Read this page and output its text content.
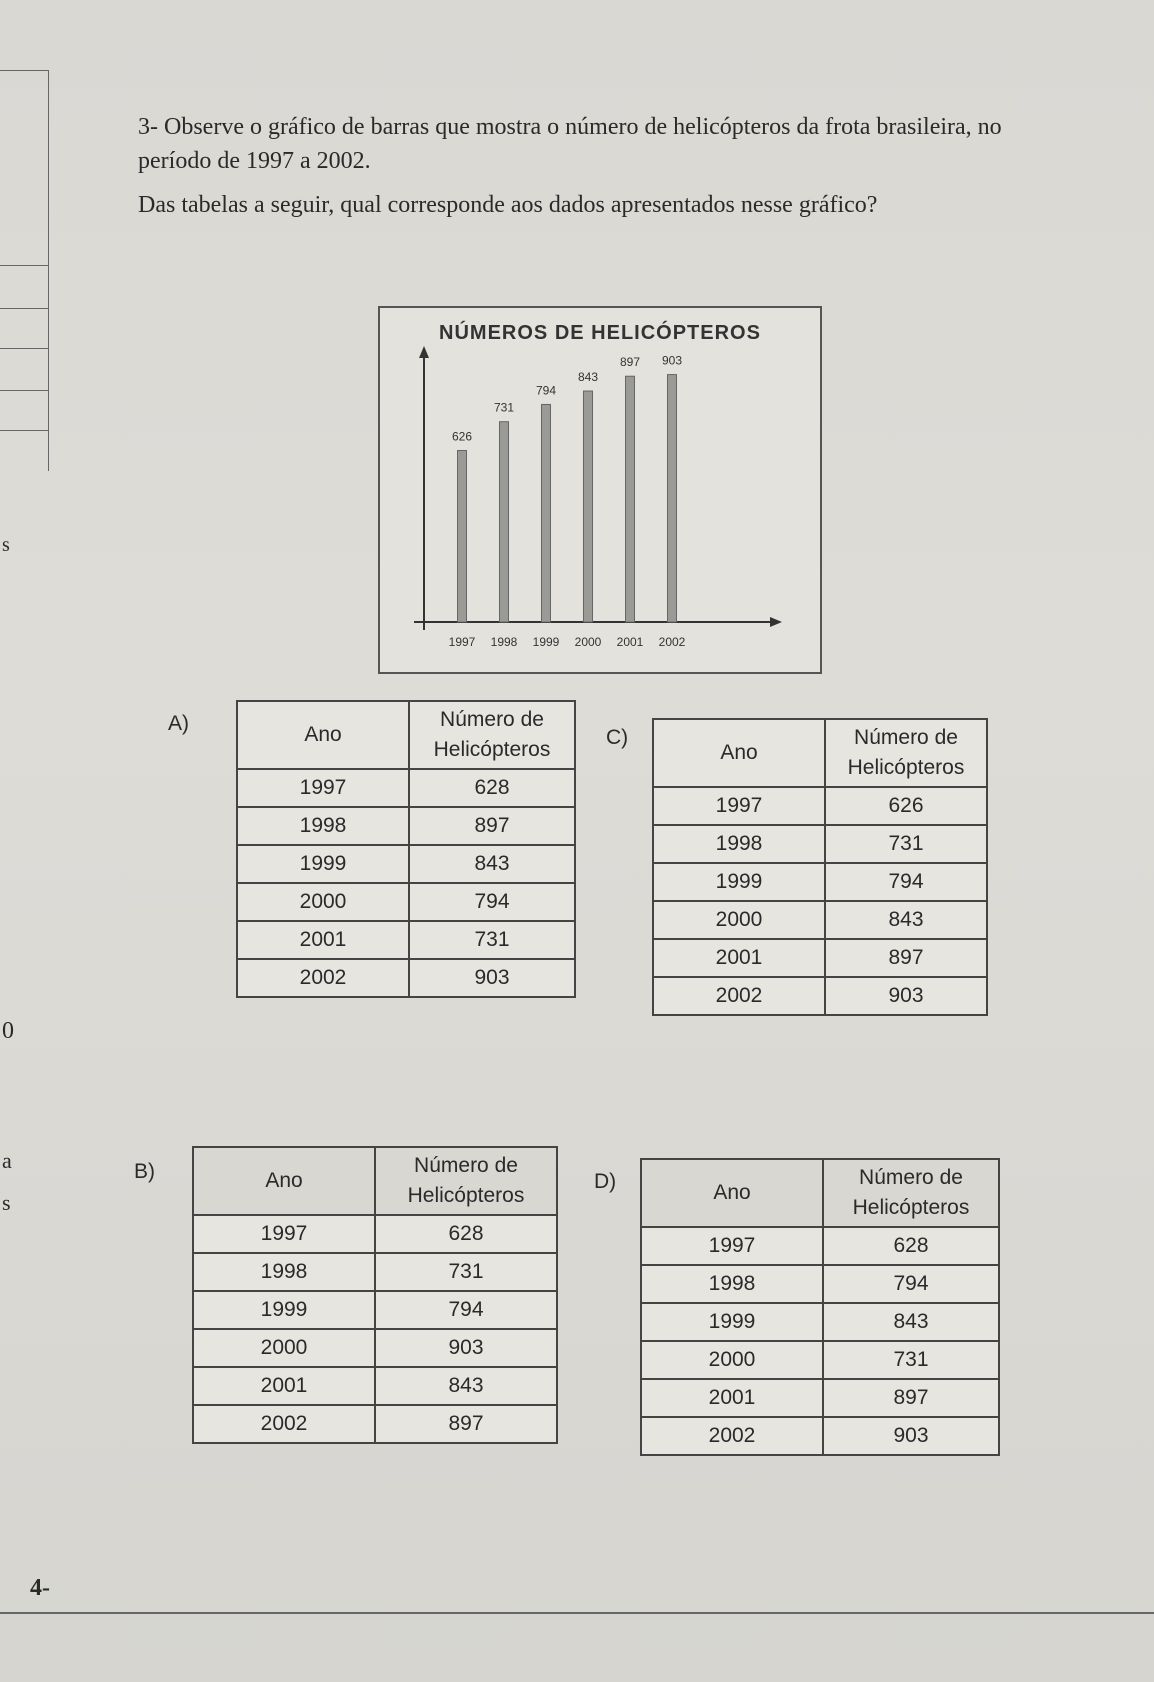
s
0
a
s

3- Observe o gráfico de barras que mostra o número de helicópteros da frota brasileira, no período de 1997 a 2002.

Das tabelas a seguir, qual corresponde aos dados apresentados nesse gráfico?

NÚMEROS DE HELICÓPTEROS
626
1997
731
1998
794
1999
843
2000
897
2001
903
2002
A)	Ano	Número de Helicópteros
1997	628
1998	897
1999	843
2000	794
2001	731
2002	903
C)
Ano	Número de Helicópteros
1997	626
1998	731
1999	794
2000	843
2001	897
2002	903
B)	Ano	Número de Helicópteros
1997	628
1998	731
1999	794
2000	903
2001	843
2002	897
D)	Ano	Número de Helicópteros
1997	628
1998	794
1999	843
2000	731
2001	897
2002	903
4-
